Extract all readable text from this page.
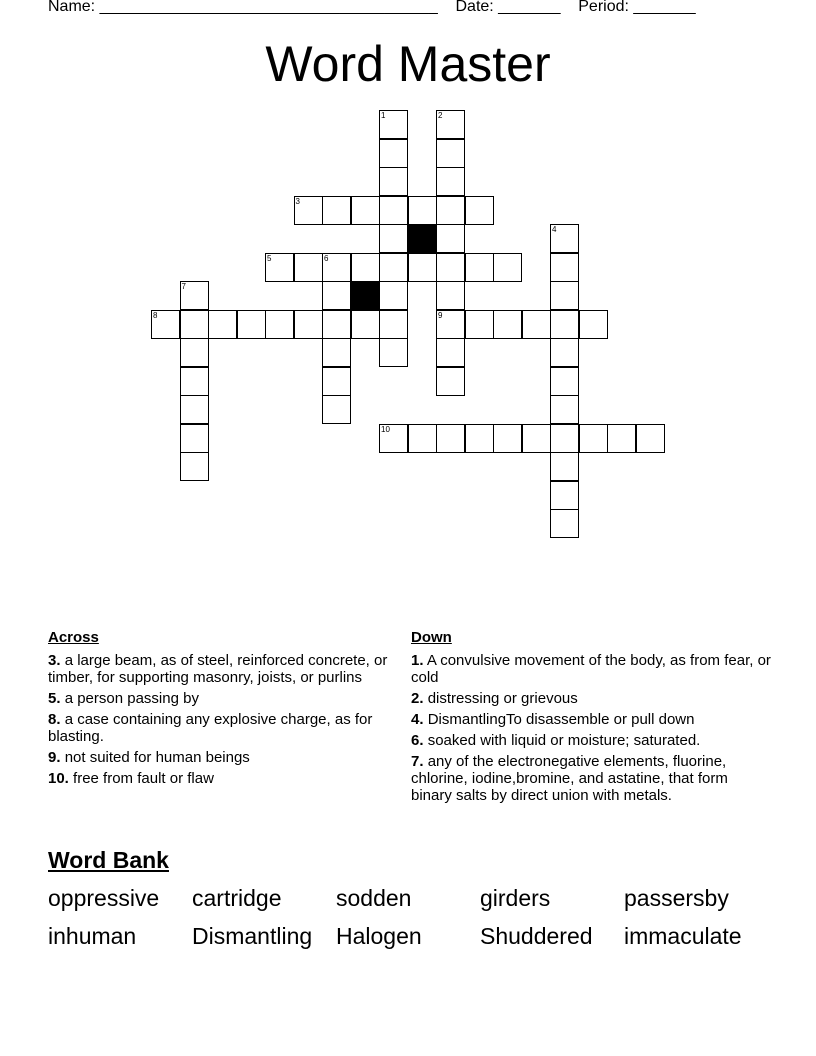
Name: ______________________________________    Date: _______    Period: _______
Word Master
3
5	6
8	9
10
1	2
4
7
Across
3. a large beam, as of steel, reinforced concrete, or timber, for supporting masonry, joists, or purlins
5. a person passing by
8. a case containing any explosive charge, as for blasting.
9. not suited for human beings
10. free from fault or flaw
Down
1. A convulsive movement of the body, as from fear, or cold
2. distressing or grievous
4. DismantlingTo disassemble or pull down
6. soaked with liquid or moisture; saturated.
7. any of the electronegative elements, fluorine, chlorine, iodine,bromine, and astatine, that form binary salts by direct union with metals.
Word Bank
oppressive cartridge sodden	girders	passersby
inhuman Dismantling Halogen	Shuddered immaculate
